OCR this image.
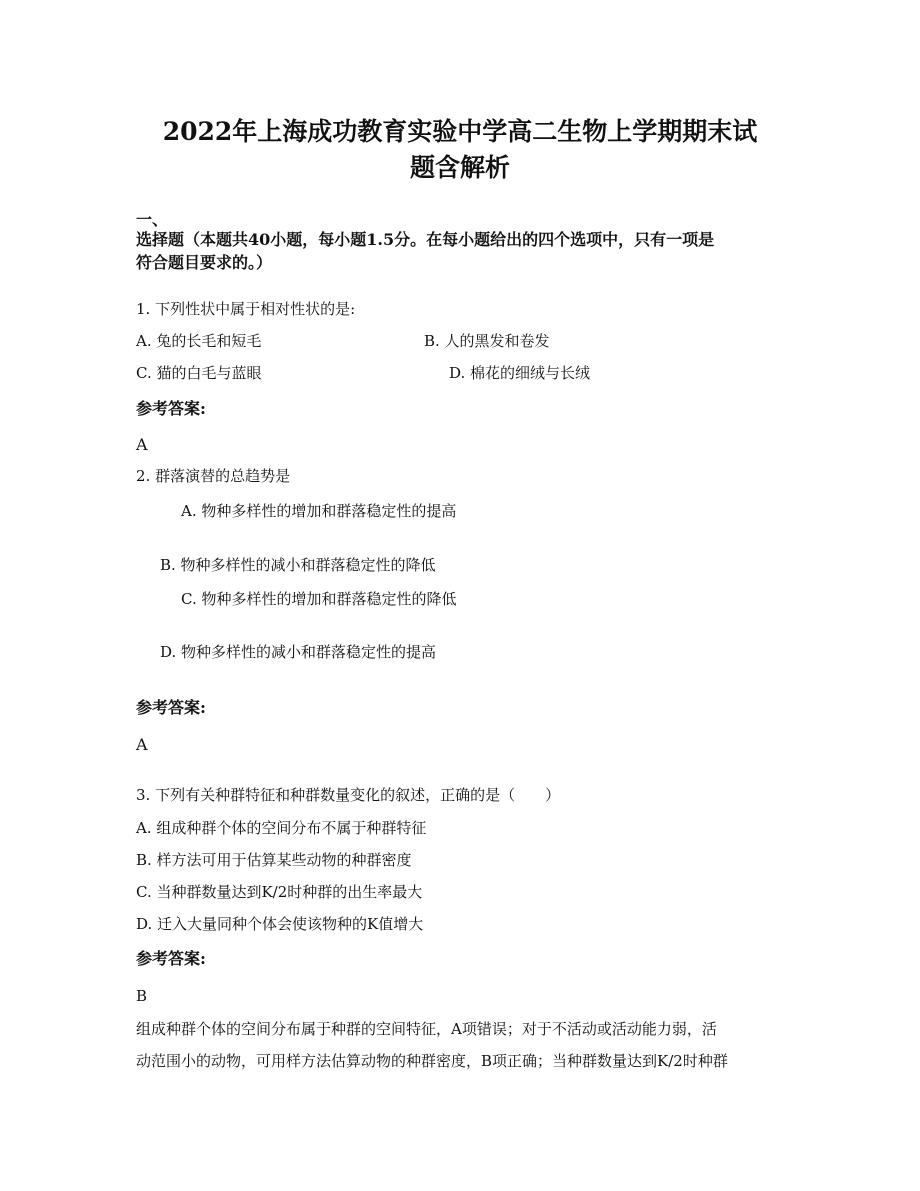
2022年上海成功教育实验中学高二生物上学期期末试
题含解析
一、
选择题（本题共40小题，每小题1.5分。在每小题给出的四个选项中，只有一项是
符合题目要求的。）
1. 下列性状中属于相对性状的是:
A. 兔的长毛和短毛	B. 人的黑发和卷发
C. 猫的白毛与蓝眼	D. 棉花的细绒与长绒
参考答案:
A
2. 群落演替的总趋势是
A. 物种多样性的增加和群落稳定性的提高
B. 物种多样性的减小和群落稳定性的降低
C. 物种多样性的增加和群落稳定性的降低
D. 物种多样性的减小和群落稳定性的提高
参考答案:
A
3. 下列有关种群特征和种群数量变化的叙述，正确的是（　　）
A. 组成种群个体的空间分布不属于种群特征
B. 样方法可用于估算某些动物的种群密度
C. 当种群数量达到K/2时种群的出生率最大
D. 迁入大量同种个体会使该物种的K值增大
参考答案:
B
组成种群个体的空间分布属于种群的空间特征，A项错误；对于不活动或活动能力弱，活
动范围小的动物，可用样方法估算动物的种群密度，B项正确；当种群数量达到K/2时种群
